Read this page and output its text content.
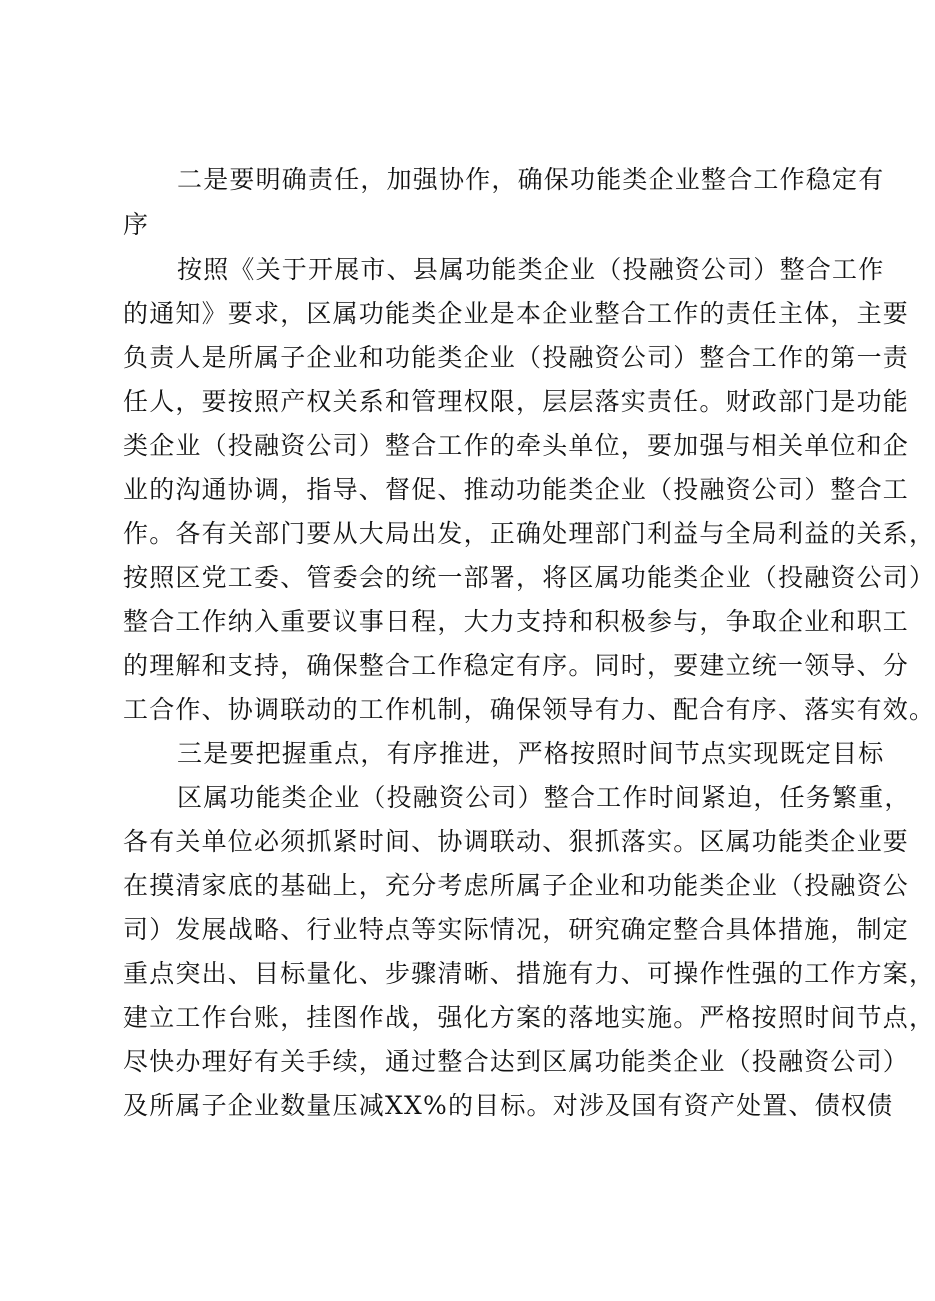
二是要明确责任，加强协作，确保功能类企业整合工作稳定有
序
按照《关于开展市、县属功能类企业（投融资公司）整合工作
的通知》要求，区属功能类企业是本企业整合工作的责任主体，主要
负责人是所属子企业和功能类企业（投融资公司）整合工作的第一责
任人，要按照产权关系和管理权限，层层落实责任。财政部门是功能
类企业（投融资公司）整合工作的牵头单位，要加强与相关单位和企
业的沟通协调，指导、督促、推动功能类企业（投融资公司）整合工
作。各有关部门要从大局出发，正确处理部门利益与全局利益的关系，
按照区党工委、管委会的统一部署，将区属功能类企业（投融资公司）
整合工作纳入重要议事日程，大力支持和积极参与，争取企业和职工
的理解和支持，确保整合工作稳定有序。同时，要建立统一领导、分
工合作、协调联动的工作机制，确保领导有力、配合有序、落实有效。
三是要把握重点，有序推进，严格按照时间节点实现既定目标
区属功能类企业（投融资公司）整合工作时间紧迫，任务繁重，
各有关单位必须抓紧时间、协调联动、狠抓落实。区属功能类企业要
在摸清家底的基础上，充分考虑所属子企业和功能类企业（投融资公
司）发展战略、行业特点等实际情况，研究确定整合具体措施，制定
重点突出、目标量化、步骤清晰、措施有力、可操作性强的工作方案，
建立工作台账，挂图作战，强化方案的落地实施。严格按照时间节点，
尽快办理好有关手续，通过整合达到区属功能类企业（投融资公司）
及所属子企业数量压减XX%的目标。对涉及国有资产处置、债权债
